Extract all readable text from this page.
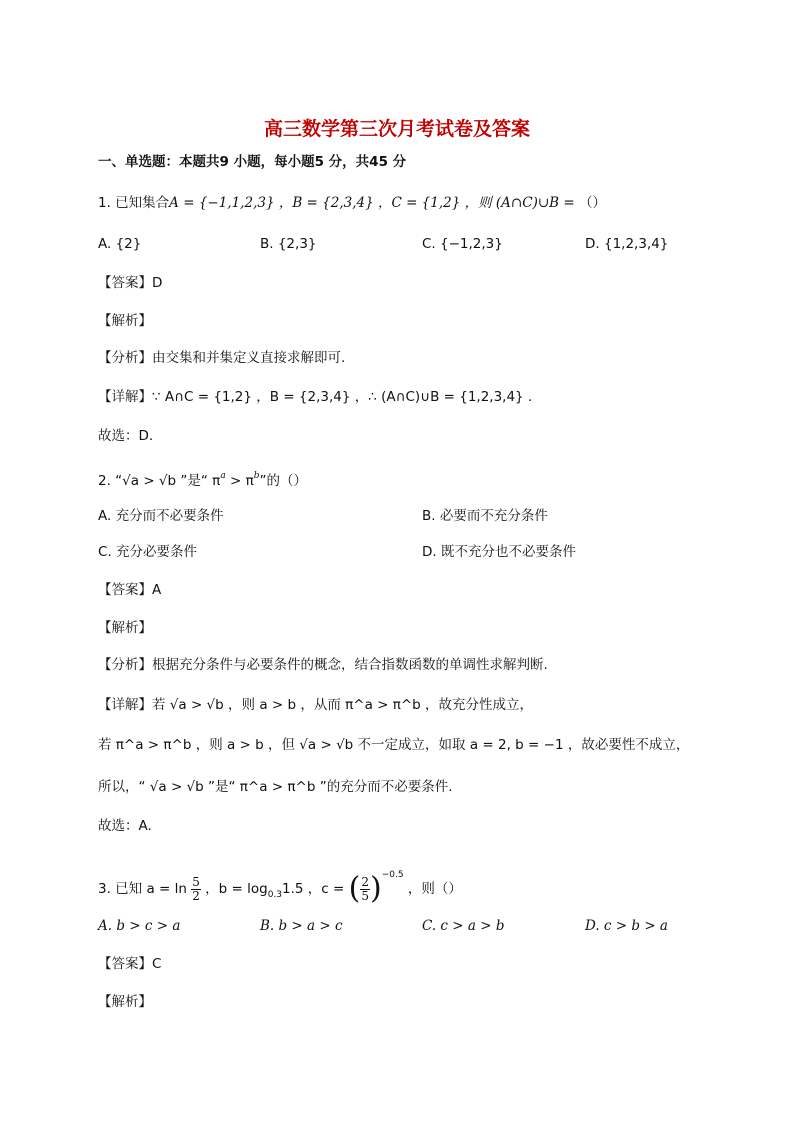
高三数学第三次月考试卷及答案
一、单选题：本题共9 小题，每小题5 分，共45 分
1. 已知集合A = {−1,1,2,3} ，B = {2,3,4} ，C = {1,2} ，则 (A∩C)∪B = （）
A. {2}	B. {2,3}	C. {−1,2,3}	D. {1,2,3,4}
【答案】D
【解析】
【分析】由交集和并集定义直接求解即可.
【详解】∵ A∩C = {1,2} ，B = {2,3,4} ，∴ (A∩C)∪B = {1,2,3,4} .
故选：D.
2. “√a > √b ”是“ $\pi^a > \pi^b$”的（）
A. 充分而不必要条件	B. 必要而不充分条件
C. 充分必要条件	D. 既不充分也不必要条件
【答案】A
【解析】
【分析】根据充分条件与必要条件的概念，结合指数函数的单调性求解判断.
【详解】若 √a > √b ，则 a > b ，从而 π^a > π^b ，故充分性成立，
若 π^a > π^b ，则 a > b ，但 √a > √b 不一定成立，如取 a = 2, b = −1 ，故必要性不成立，
所以，“ √a > √b ”是“ π^a > π^b ”的充分而不必要条件.
故选：A.
3. 已知 $a = \ln \frac{5}{2}$ ，$b = \log_{0.3}1.5$ ，c = ( $\frac{2}{5} )^{-0.5}$ ，则（）
A. b > c > a	B. b > a > c	C. c > a > b	D. c > b > a
【答案】C
【解析】
